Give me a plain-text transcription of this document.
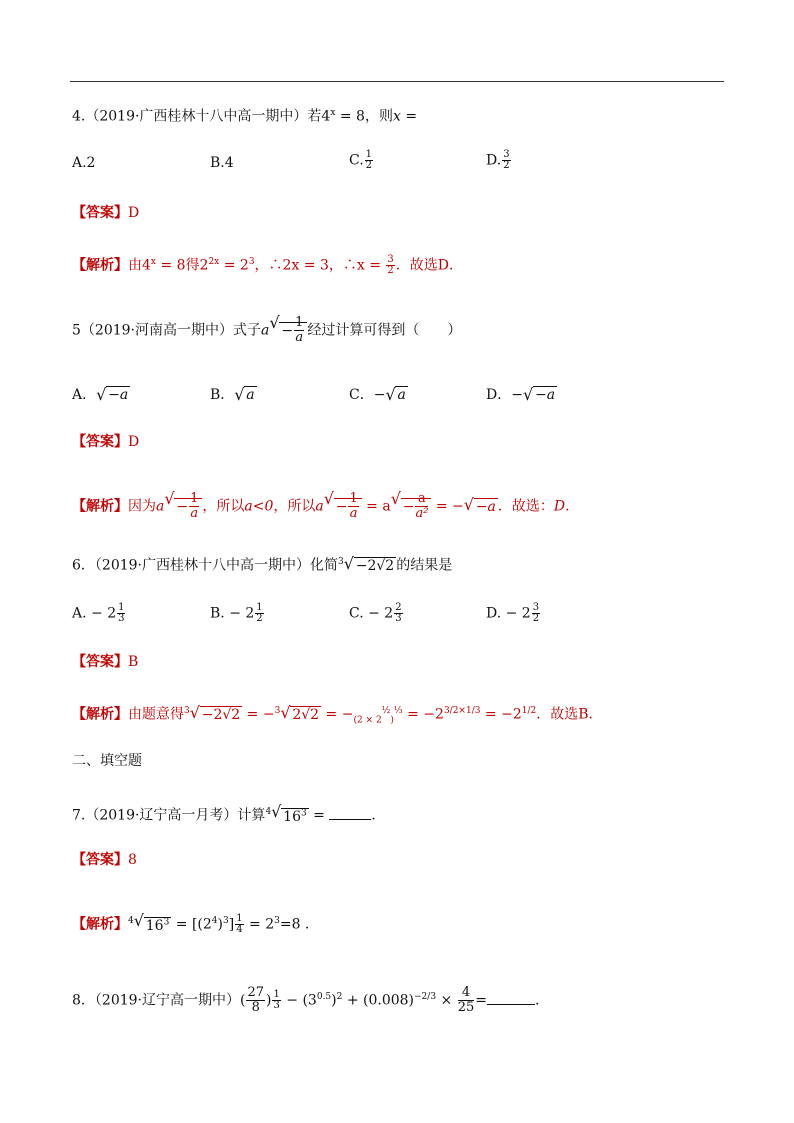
4.（2019·广西桂林十八中高一期中）若$4^x = 8$，则x =
A.2	B.4	C. $\frac{1}{2}$	D. $\frac{3}{2}$
【答案】D
【解析】由$4^x = 8$得$2^{2x} = 2^3$，∴2x = 3，∴x = $\frac{3}{2}$ ．故选D．
5（2019·河南高一期中）式子$a√ - \frac{1}{a}$ 经过计算可得到（　　）
A．√ −a	B．√ a	C．−√ a	D．−√ −a
【答案】D
【解析】因为$a√ - \frac{1}{a}$ ，所以a<0，所以$a√ - \frac{1}{a} = a√ - \frac{a}{\text{a²}}$ = −√ −a ．故选：D.
6．（2019·广西桂林十八中高一期中）化简$^3$√ −2√2 的结果是
A. − $2 \frac{1}{3}$	B. − $2 \frac{1}{2}$	C. − $2 \frac{2}{3}$	D. − $2 \frac{3}{2}$
【答案】B
【解析】由题意得$^3$√ −2√2 = −$^3$√ $2√2 = -_{(2 \times 2}^{\frac{1}{2}}_)^{\frac{1}{3}} = -2^{3/2\times 1/3} = -2^{1/2}$．故选B．
二、填空题
7.（2019·辽宁高一月考）计算$^4$√ $16^3$ =	．
【答案】8
【解析】$^4$√ $16^3 = [(2^4)^3] \frac{1}{4} = 2^3=8$ .
8．（2019·辽宁高一期中）( $\frac{27}{8}$ ) $\frac{1}{3} - (3^{0.5})^2 + (0.008)^{-2/3} \times \frac{4}{25}$ =	.
